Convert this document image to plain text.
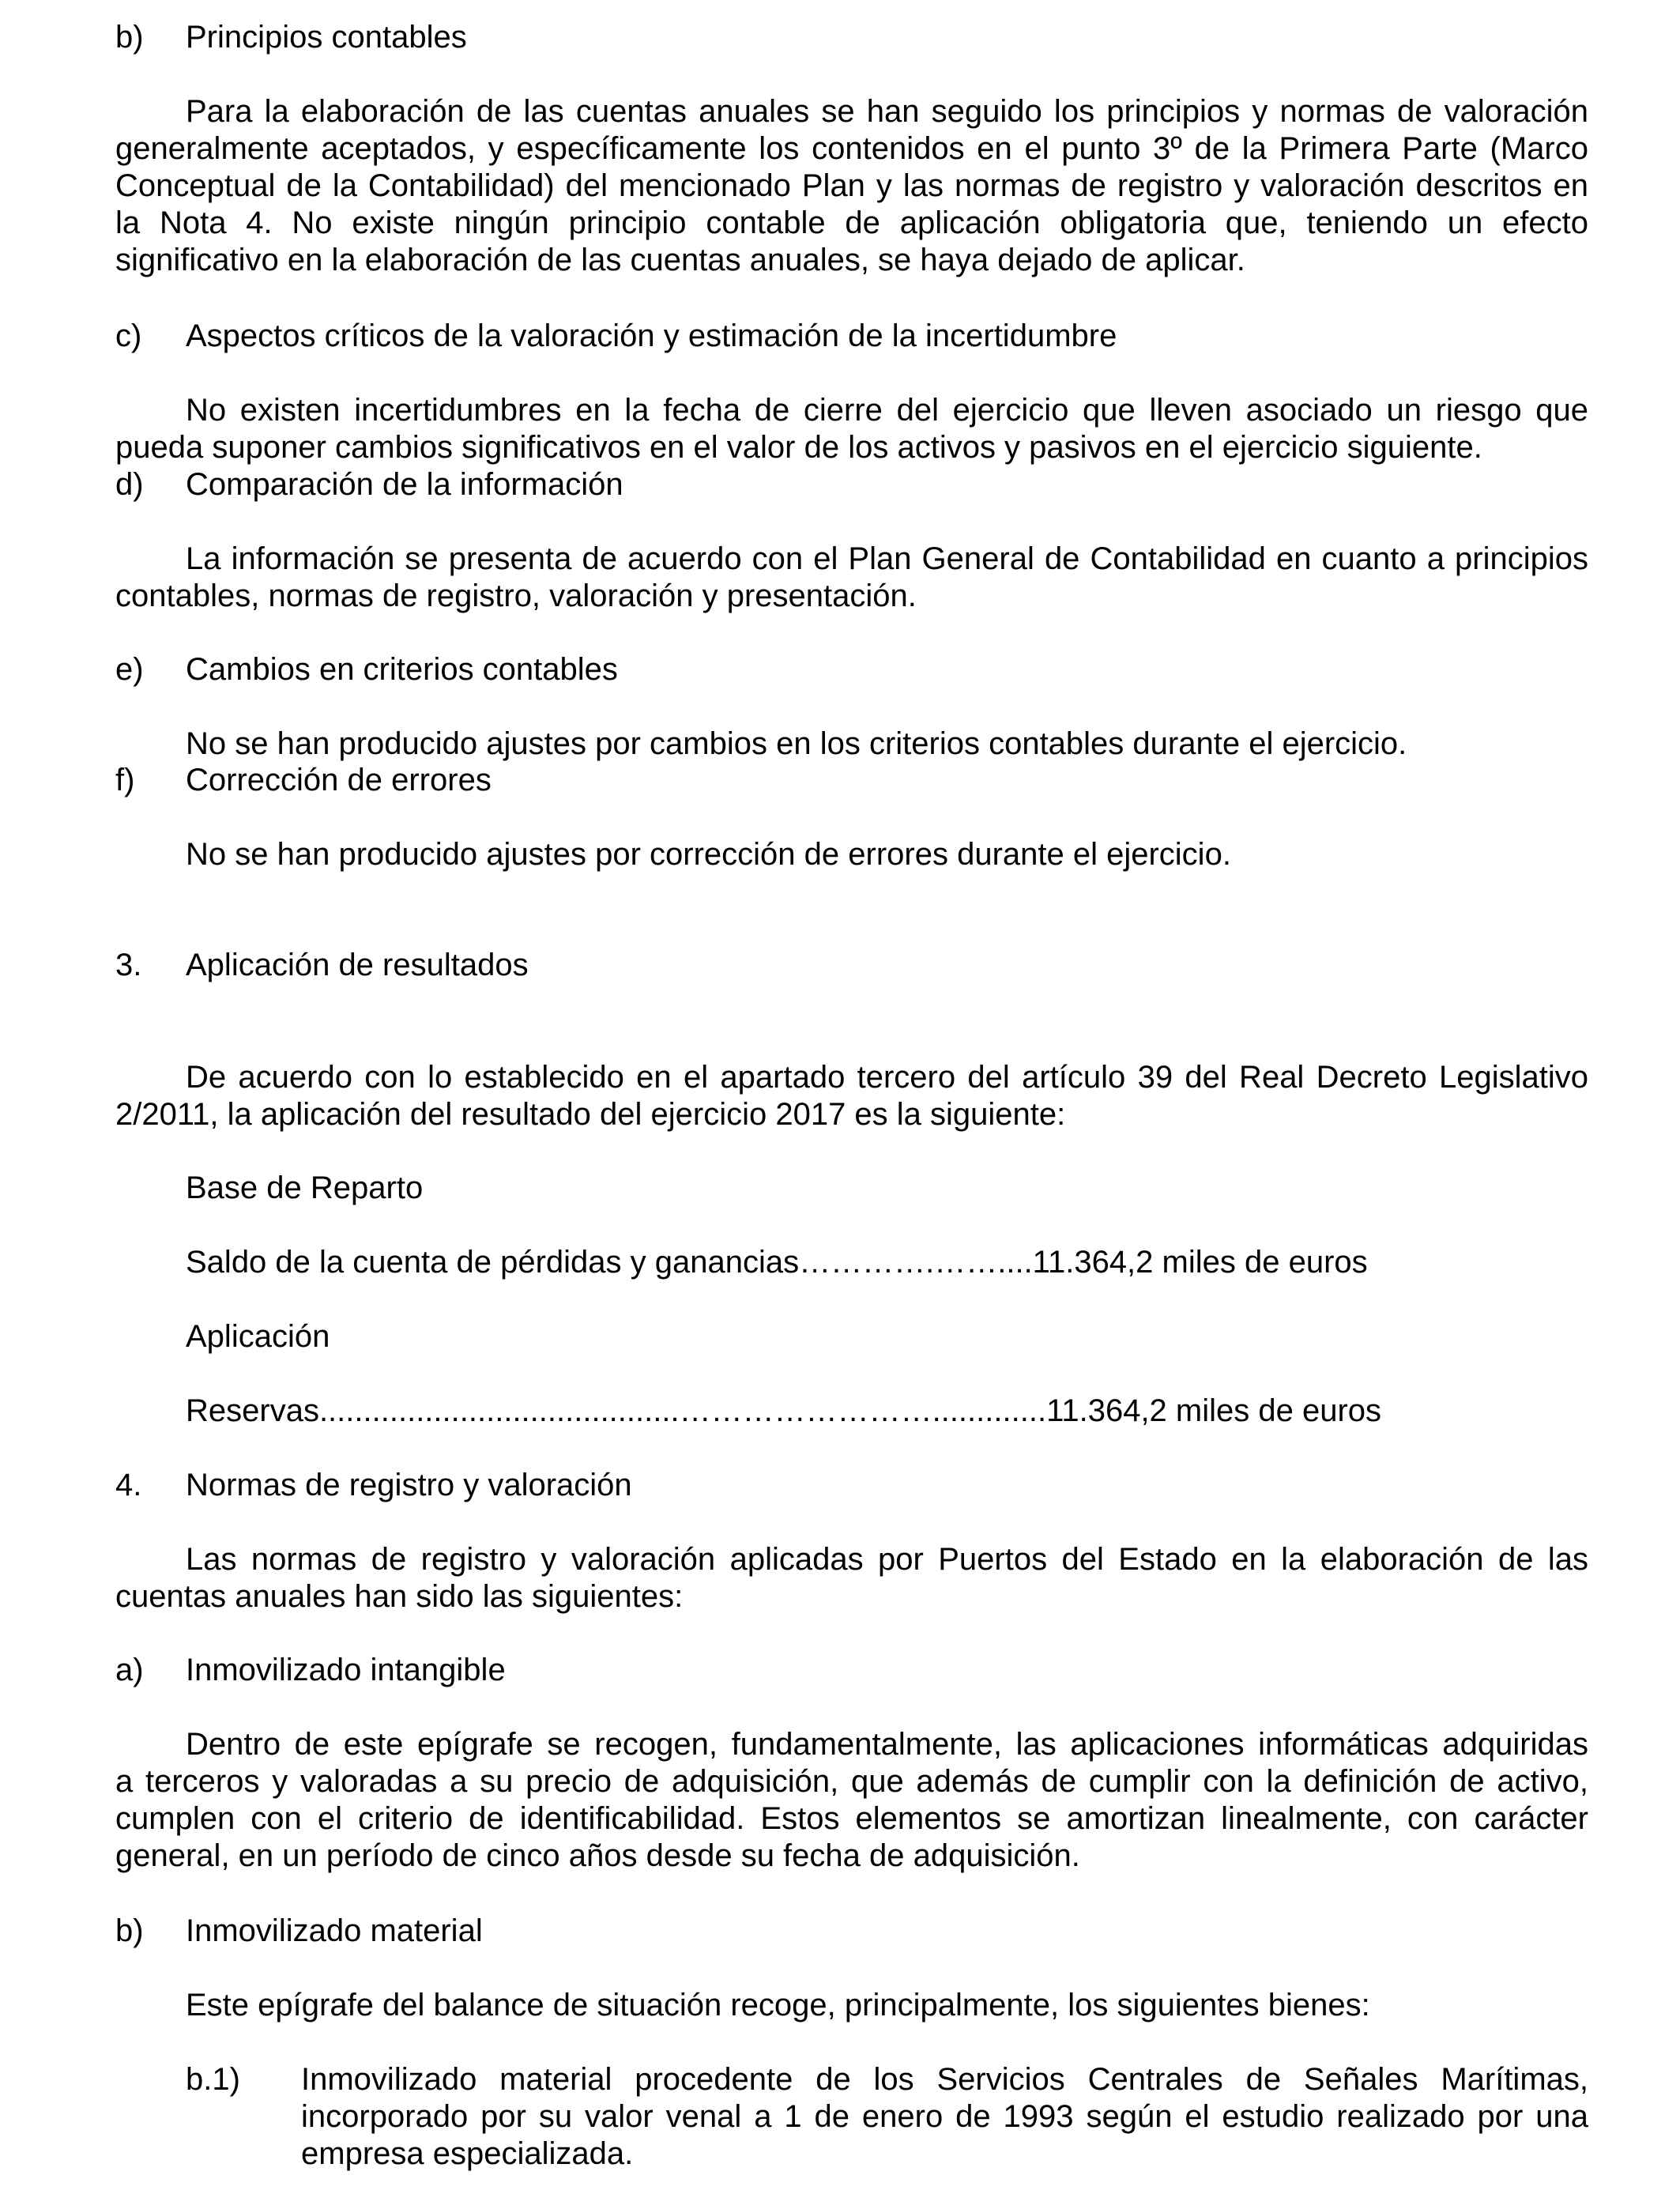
b) Principios contables
Para la elaboración de las cuentas anuales se han seguido los principios y normas de valoración
generalmente aceptados, y específicamente los contenidos en el punto 3º de la Primera Parte (Marco
Conceptual de la Contabilidad) del mencionado Plan y las normas de registro y valoración descritos en
la Nota 4. No existe ningún principio contable de aplicación obligatoria que, teniendo un efecto
significativo en la elaboración de las cuentas anuales, se haya dejado de aplicar.
c) Aspectos críticos de la valoración y estimación de la incertidumbre
No existen incertidumbres en la fecha de cierre del ejercicio que lleven asociado un riesgo que
pueda suponer cambios significativos en el valor de los activos y pasivos en el ejercicio siguiente.
d) Comparación de la información
La información se presenta de acuerdo con el Plan General de Contabilidad en cuanto a principios
contables, normas de registro, valoración y presentación.
e) Cambios en criterios contables
No se han producido ajustes por cambios en los criterios contables durante el ejercicio.
f) Corrección de errores
No se han producido ajustes por corrección de errores durante el ejercicio.
3. Aplicación de resultados
De acuerdo con lo establecido en el apartado tercero del artículo 39 del Real Decreto Legislativo
2/2011, la aplicación del resultado del ejercicio 2017 es la siguiente:
Base de Reparto
Saldo de la cuenta de pérdidas y ganancias………….……....11.364,2 miles de euros
Aplicación
Reservas.........................................…………………….............11.364,2 miles de euros
4. Normas de registro y valoración
Las normas de registro y valoración aplicadas por Puertos del Estado en la elaboración de las
cuentas anuales han sido las siguientes:
a) Inmovilizado intangible
Dentro de este epígrafe se recogen, fundamentalmente, las aplicaciones informáticas adquiridas
a terceros y valoradas a su precio de adquisición, que además de cumplir con la definición de activo,
cumplen con el criterio de identificabilidad. Estos elementos se amortizan linealmente, con carácter
general, en un período de cinco años desde su fecha de adquisición.
b) Inmovilizado material
Este epígrafe del balance de situación recoge, principalmente, los siguientes bienes:
b.1) Inmovilizado material procedente de los Servicios Centrales de Señales Marítimas,
incorporado por su valor venal a 1 de enero de 1993 según el estudio realizado por una
empresa especializada.
